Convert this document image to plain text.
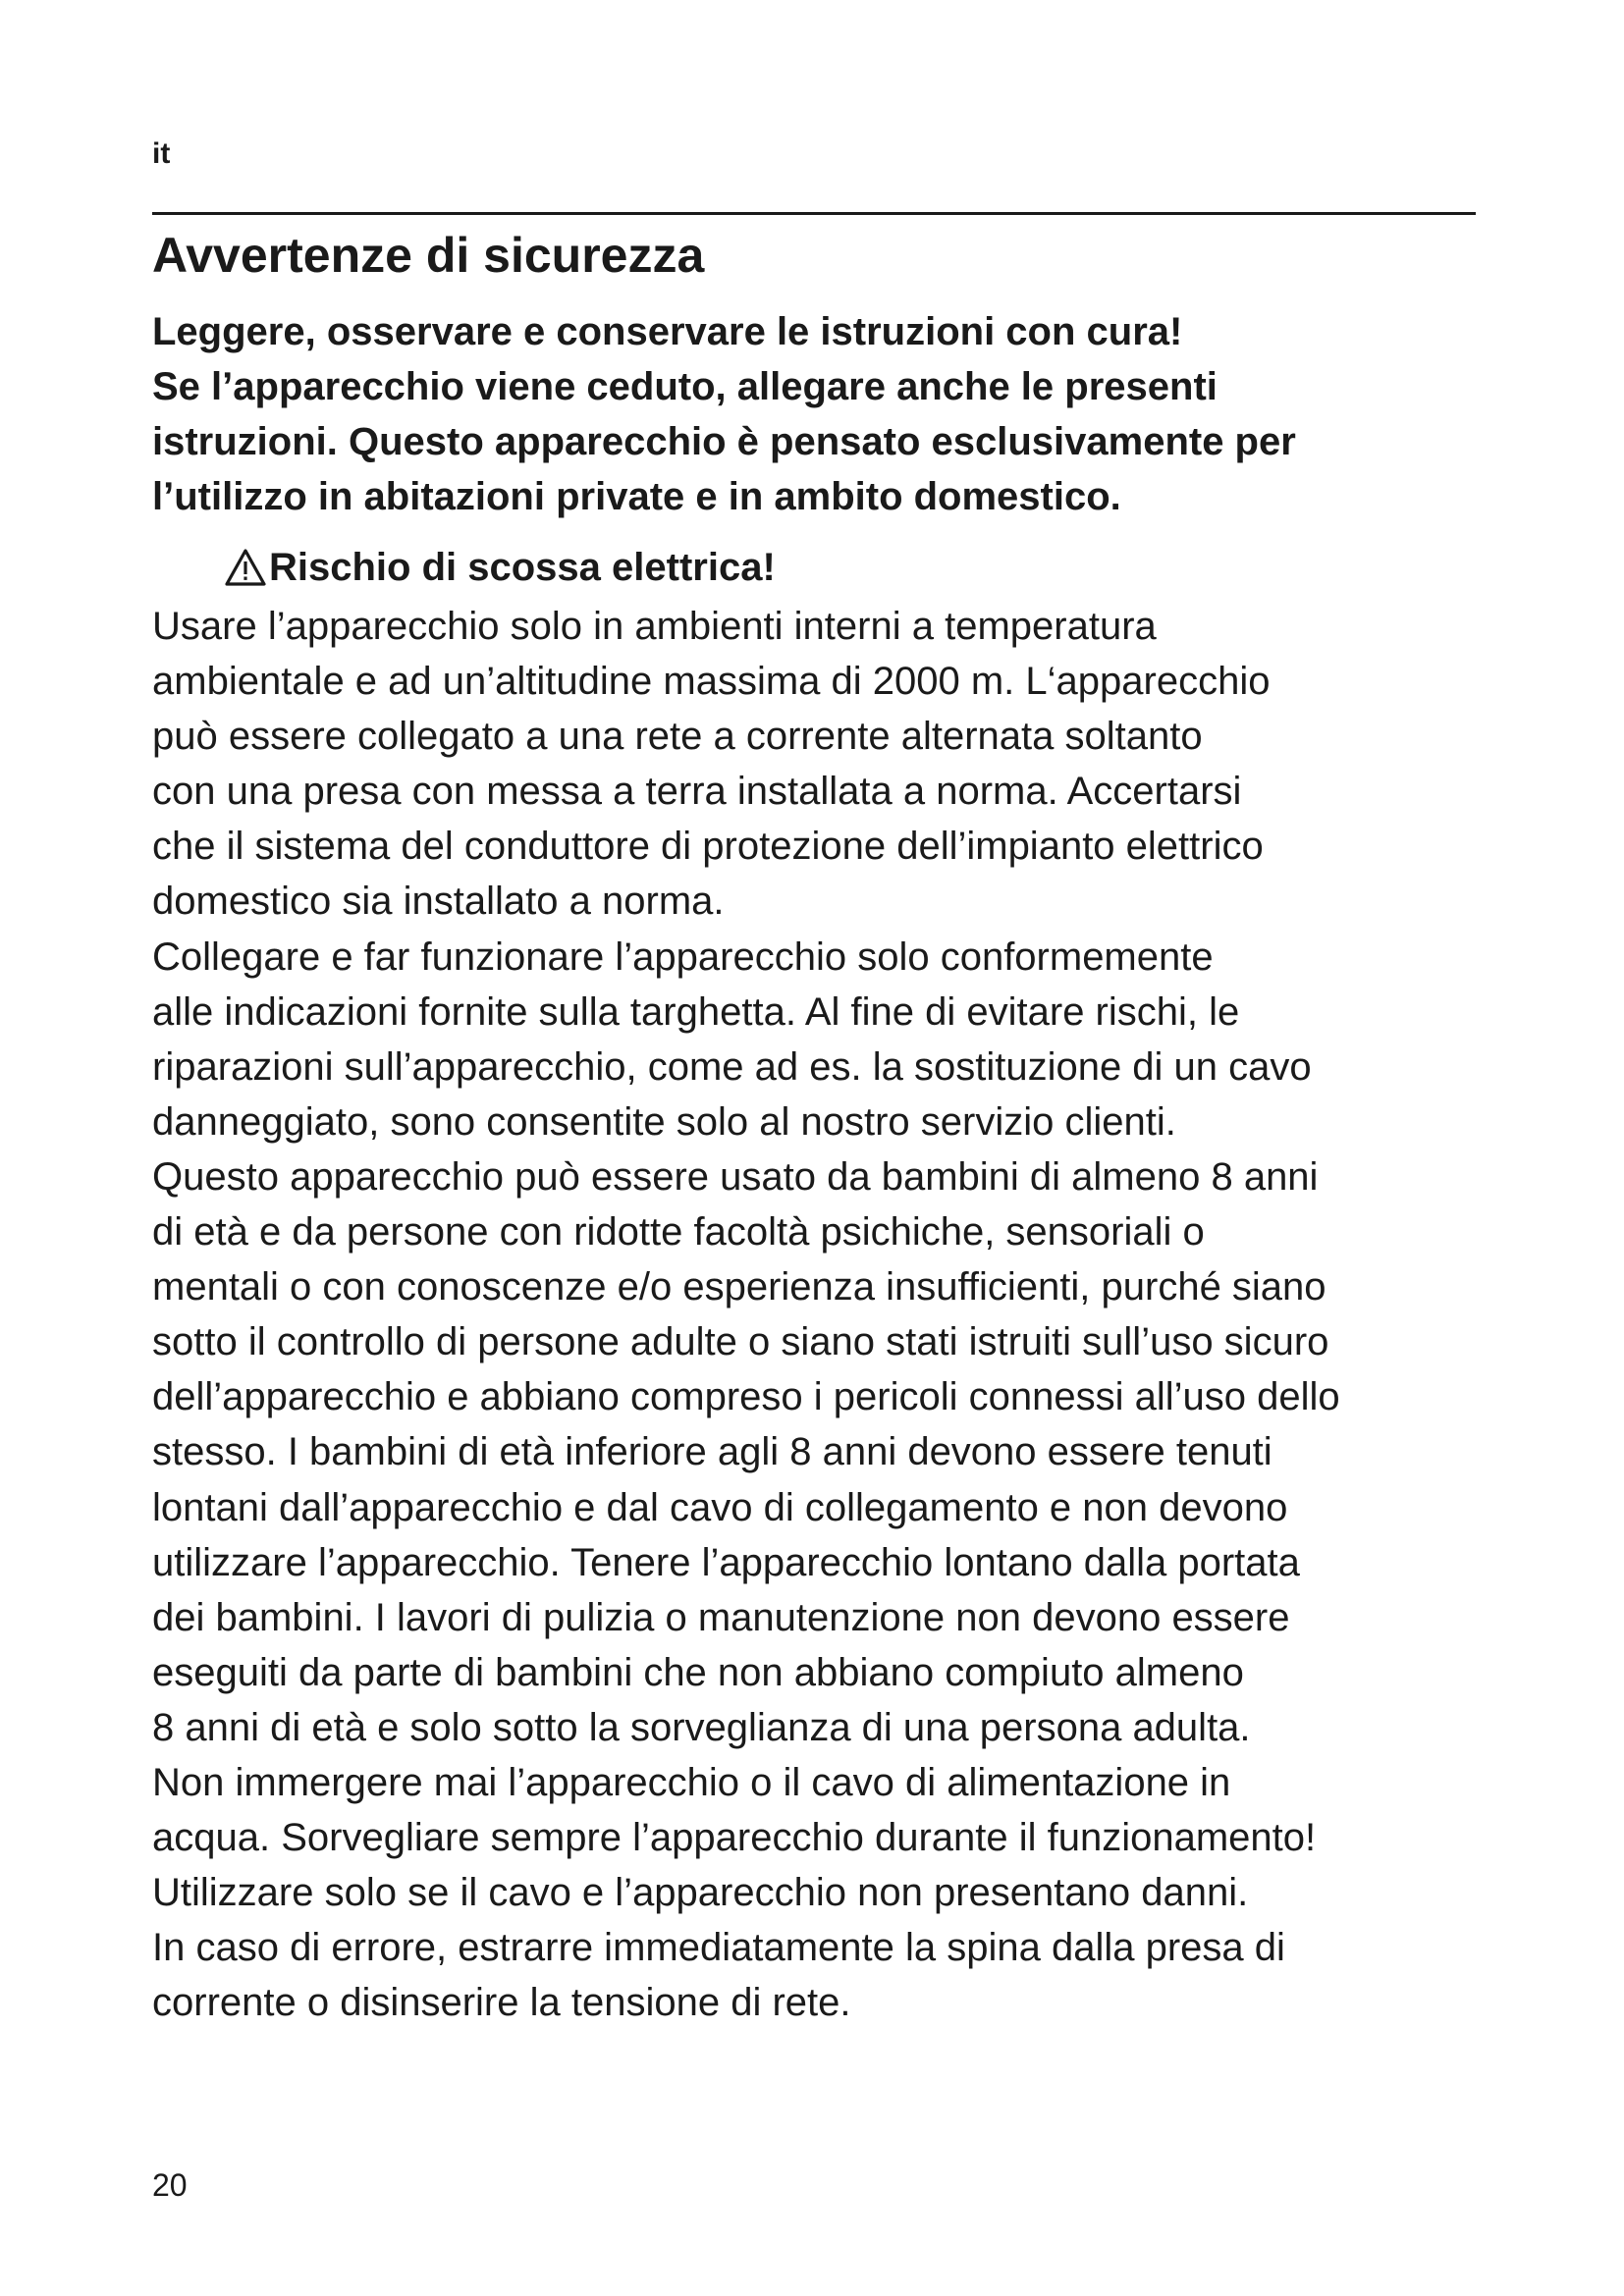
it
Avvertenze di sicurezza
Leggere, osservare e conservare le istruzioni con cura!
Se l’apparecchio viene ceduto, allegare anche le presenti
istruzioni. Questo apparecchio è pensato esclusivamente per
l’utilizzo in abitazioni private e in ambito domestico.
Rischio di scossa elettrica!
Usare l’apparecchio solo in ambienti interni a temperatura
ambientale e ad un’altitudine massima di 2000 m. L‘apparecchio
può essere collegato a una rete a corrente alternata soltanto
con una presa con messa a terra installata a norma. Accertarsi
che il sistema del conduttore di protezione dell’impianto elettrico
domestico sia installato a norma.
Collegare e far funzionare l’apparecchio solo conformemente
alle indicazioni fornite sulla targhetta. Al fine di evitare rischi, le
riparazioni sull’apparecchio, come ad es. la sostituzione di un cavo
danneggiato, sono consentite solo al nostro servizio clienti.
Questo apparecchio può essere usato da bambini di almeno 8 anni
di età e da persone con ridotte facoltà psichiche, sensoriali o
mentali o con conoscenze e/o esperienza insufficienti, purché siano
sotto il controllo di persone adulte o siano stati istruiti sull’uso sicuro
dell’apparecchio e abbiano compreso i pericoli connessi all’uso dello
stesso. I bambini di età inferiore agli 8 anni devono essere tenuti
lontani dall’apparecchio e dal cavo di collegamento e non devono
utilizzare l’apparecchio. Tenere l’apparecchio lontano dalla portata
dei bambini. I lavori di pulizia o manutenzione non devono essere
eseguiti da parte di bambini che non abbiano compiuto almeno
8 anni di età e solo sotto la sorveglianza di una persona adulta.
Non immergere mai l’apparecchio o il cavo di alimentazione in
acqua. Sorvegliare sempre l’apparecchio durante il funzionamento!
Utilizzare solo se il cavo e l’apparecchio non presentano danni.
In caso di errore, estrarre immediatamente la spina dalla presa di
corrente o disinserire la tensione di rete.
20
